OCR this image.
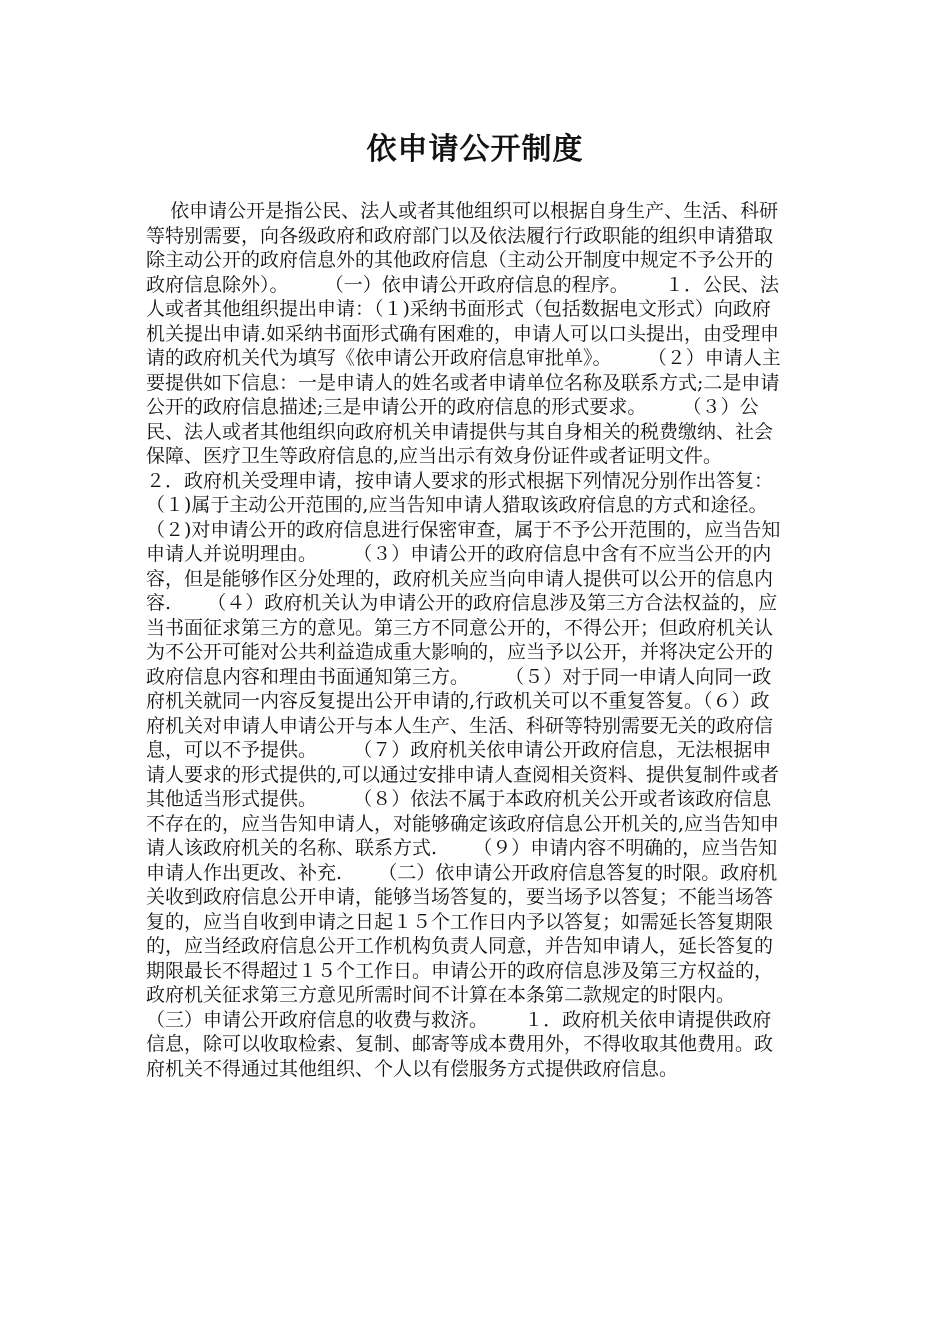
依申请公开制度

依申请公开是指公民、法人或者其他组织可以根据自身生产、生活、科研等特别需要，向各级政府和政府部门以及依法履行行政职能的组织申请猎取除主动公开的政府信息外的其他政府信息（主动公开制度中规定不予公开的政府信息除外）。      （一）依申请公开政府信息的程序。      １．公民、法人或者其他组织提出申请：（１)采纳书面形式（包括数据电文形式）向政府机关提出申请.如采纳书面形式确有困难的，申请人可以口头提出，由受理申请的政府机关代为填写《依申请公开政府信息审批单》。      （２）申请人主要提供如下信息：一是申请人的姓名或者申请单位名称及联系方式;二是申请公开的政府信息描述;三是申请公开的政府信息的形式要求。      （３）公民、法人或者其他组织向政府机关申请提供与其自身相关的税费缴纳、社会保障、医疗卫生等政府信息的,应当出示有效身份证件或者证明文件。      ２．政府机关受理申请，按申请人要求的形式根据下列情况分别作出答复：      （１)属于主动公开范围的,应当告知申请人猎取该政府信息的方式和途径。（２)对申请公开的政府信息进行保密审查，属于不予公开范围的，应当告知申请人并说明理由。      （３）申请公开的政府信息中含有不应当公开的内容，但是能够作区分处理的，政府机关应当向申请人提供可以公开的信息内容.      （４）政府机关认为申请公开的政府信息涉及第三方合法权益的，应当书面征求第三方的意见。第三方不同意公开的，不得公开；但政府机关认为不公开可能对公共利益造成重大影响的，应当予以公开，并将决定公开的政府信息内容和理由书面通知第三方。      （５）对于同一申请人向同一政府机关就同一内容反复提出公开申请的,行政机关可以不重复答复。（６）政府机关对申请人申请公开与本人生产、生活、科研等特别需要无关的政府信息，可以不予提供。      （７）政府机关依申请公开政府信息，无法根据申请人要求的形式提供的,可以通过安排申请人查阅相关资料、提供复制件或者其他适当形式提供。      （８）依法不属于本政府机关公开或者该政府信息不存在的，应当告知申请人，对能够确定该政府信息公开机关的,应当告知申请人该政府机关的名称、联系方式.      （９）申请内容不明确的，应当告知申请人作出更改、补充.      （二）依申请公开政府信息答复的时限。政府机关收到政府信息公开申请，能够当场答复的，要当场予以答复；不能当场答复的，应当自收到申请之日起１５个工作日内予以答复；如需延长答复期限的，应当经政府信息公开工作机构负责人同意，并告知申请人，延长答复的期限最长不得超过１５个工作日。申请公开的政府信息涉及第三方权益的，政府机关征求第三方意见所需时间不计算在本条第二款规定的时限内。      （三）申请公开政府信息的收费与救济。      １．政府机关依申请提供政府信息，除可以收取检索、复制、邮寄等成本费用外，不得收取其他费用。政府机关不得通过其他组织、个人以有偿服务方式提供政府信息。
